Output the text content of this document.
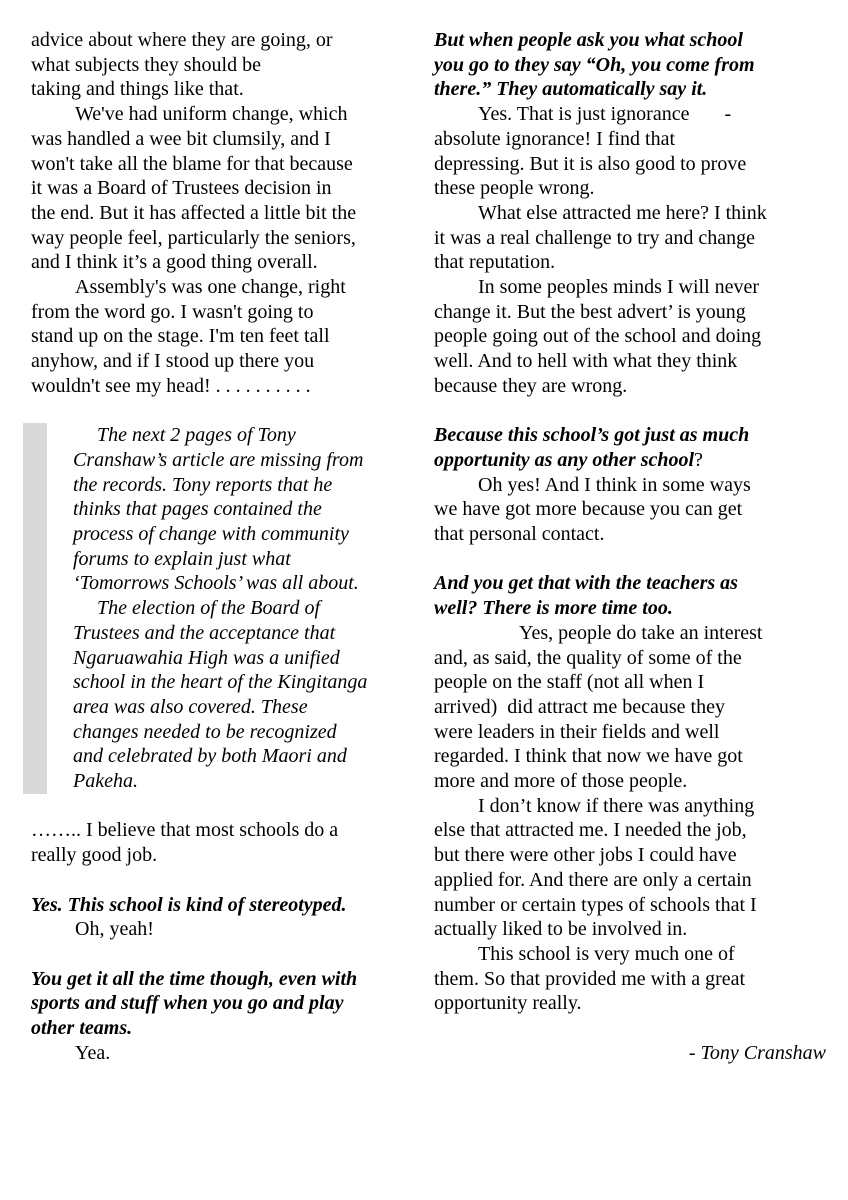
advice about where they are going, or
what subjects they should be
taking and things like that.
We've had uniform change, which
was handled a wee bit clumsily, and I
won't take all the blame for that because
it was a Board of Trustees decision in
the end. But it has affected a little bit the
way people feel, particularly the seniors,
and I think it’s a good thing overall.
Assembly's was one change, right
from the word go. I wasn't going to
stand up on the stage. I'm ten feet tall
anyhow, and if I stood up there you
wouldn't see my head! . . . . . . . . . .
The next 2 pages of Tony
Cranshaw’s article are missing from
the records. Tony reports that he
thinks that pages contained the
process of change with community
forums to explain just what
‘Tomorrows Schools’ was all about.
The election of the Board of
Trustees and the acceptance that
Ngaruawahia High was a unified
school in the heart of the Kingitanga
area was also covered. These
changes needed to be recognized
and celebrated by both Maori and
Pakeha.
…….. I believe that most schools do a
really good job.
Yes. This school is kind of stereotyped.
Oh, yeah!
You get it all the time though, even with
sports and stuff when you go and play
other teams.
Yea.
But when people ask you what school
you go to they say “Oh, you come from
there.” They automatically say it.
Yes. That is just ignorance       -
absolute ignorance! I find that
depressing. But it is also good to prove
these people wrong.
What else attracted me here? I think
it was a real challenge to try and change
that reputation.
In some peoples minds I will never
change it. But the best advert’ is young
people going out of the school and doing
well. And to hell with what they think
because they are wrong.
Because this school’s got just as much
opportunity as any other school?
Oh yes! And I think in some ways
we have got more because you can get
that personal contact.
And you get that with the teachers as
well? There is more time too.
Yes, people do take an interest
and, as said, the quality of some of the
people on the staff (not all when I
arrived)  did attract me because they
were leaders in their fields and well
regarded. I think that now we have got
more and more of those people.
I don’t know if there was anything
else that attracted me. I needed the job,
but there were other jobs I could have
applied for. And there are only a certain
number or certain types of schools that I
actually liked to be involved in.
This school is very much one of
them. So that provided me with a great
opportunity really.
- Tony Cranshaw
